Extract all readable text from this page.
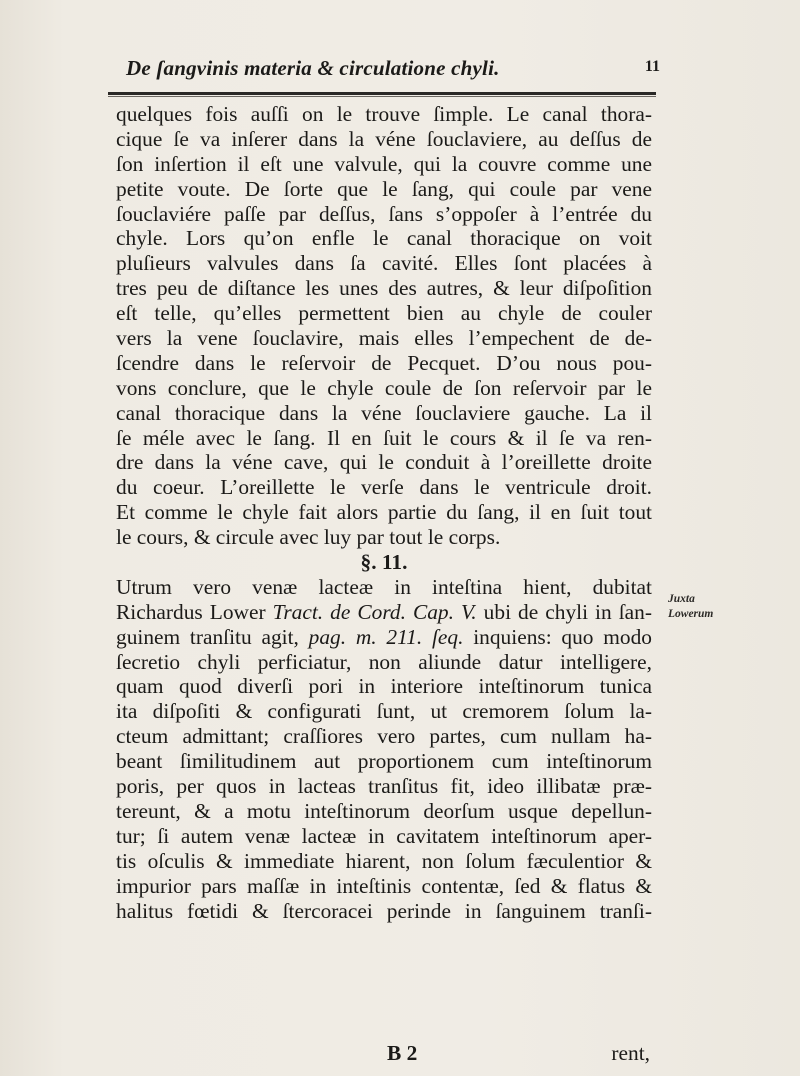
De ſangvinis materia & circulatione chyli.	11
quelques fois auſſi on le trouve ſimple. Le canal thora-
cique ſe va inſerer dans la véne ſouclaviere, au deſſus de
ſon inſertion il eſt une valvule, qui la couvre comme une
petite voute. De ſorte que le ſang, qui coule par vene
ſouclaviére paſſe par deſſus, ſans s’oppoſer à l’entrée du
chyle. Lors qu’on enfle le canal thoracique on voit
pluſieurs valvules dans ſa cavité. Elles ſont placées à
tres peu de diſtance les unes des autres, & leur diſpoſition
eſt telle, qu’elles permettent bien au chyle de couler
vers la vene ſouclavire, mais elles l’empechent de de-
ſcendre dans le reſervoir de Pecquet. D’ou nous pou-
vons conclure, que le chyle coule de ſon reſervoir par le
canal thoracique dans la véne ſouclaviere gauche. La il
ſe méle avec le ſang. Il en ſuit le cours & il ſe va ren-
dre dans la véne cave, qui le conduit à l’oreillette droite
du coeur. L’oreillette le verſe dans le ventricule droit.
Et comme le chyle fait alors partie du ſang, il en ſuit tout
le cours, & circule avec luy par tout le corps.
§. 11.
Utrum vero venæ lacteæ in inteſtina hient, dubitat
Richardus Lower Tract. de Cord. Cap. V. ubi de chyli in ſan-
guinem tranſitu agit, pag. m. 211. ſeq. inquiens: quo modo
ſecretio chyli perficiatur, non aliunde datur intelligere,
quam quod diverſi pori in interiore inteſtinorum tunica
ita diſpoſiti & configurati ſunt, ut cremorem ſolum la-
cteum admittant; craſſiores vero partes, cum nullam ha-
beant ſimilitudinem aut proportionem cum inteſtinorum
poris, per quos in lacteas tranſitus fit, ideo illibatæ præ-
tereunt, & a motu inteſtinorum deorſum usque depellun-
tur; ſi autem venæ lacteæ in cavitatem inteſtinorum aper-
tis oſculis & immediate hiarent, non ſolum fæculentior &
impurior pars maſſæ in inteſtinis contentæ, ſed & flatus &
halitus fœtidi & ſtercoracei perinde in ſanguinem tranſi-
Juxta
Lowerum
B 2	rent,
